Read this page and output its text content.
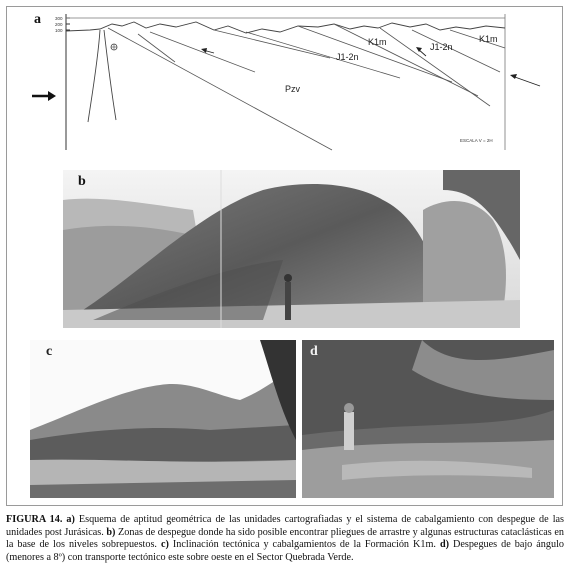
a	300
200
100
Pzv
J1-2n
K1m	J1-2n
K1m
ESCALA V = 2H
b
c	d
FIGURA 14. a) Esquema de aptitud geométrica de las unidades cartografiadas y el sistema de cabalgamiento con despegue de las unidades post Jurásicas. b) Zonas de despegue donde ha sido posible encontrar pliegues de arrastre y algunas estructuras cataclásticas en la base de los niveles sobrepuestos. c) Inclinación tectónica y cabalgamientos de la Formación K1m. d) Despegues de bajo ángulo (menores a 8º) con transporte tectónico este sobre oeste en el Sector Quebrada Verde.
